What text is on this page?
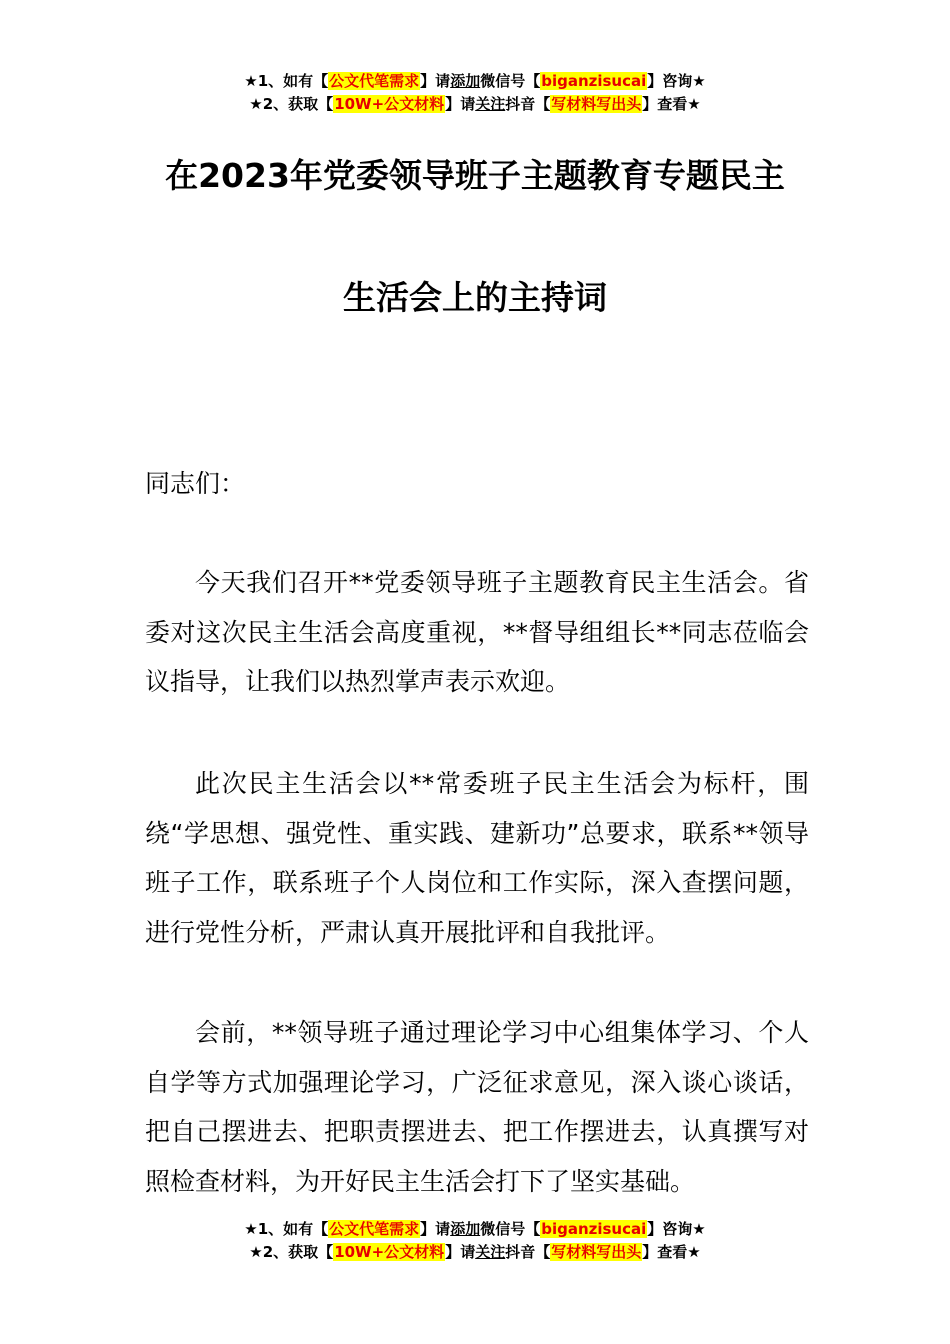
★1、如有【公文代笔需求】请添加微信号【biganzisucai】咨询★
★2、获取【10W+公文材料】请关注抖音【写材料写出头】查看★
在2023年党委领导班子主题教育专题民主
生活会上的主持词

同志们：

今天我们召开**党委领导班子主题教育民主生活会。省委对这次民主生活会高度重视，**督导组组长**同志莅临会议指导，让我们以热烈掌声表示欢迎。

此次民主生活会以**常委班子民主生活会为标杆，围绕“学思想、强党性、重实践、建新功”总要求，联系**领导班子工作，联系班子个人岗位和工作实际，深入查摆问题，进行党性分析，严肃认真开展批评和自我批评。

会前，**领导班子通过理论学习中心组集体学习、个人自学等方式加强理论学习，广泛征求意见，深入谈心谈话，把自己摆进去、把职责摆进去、把工作摆进去，认真撰写对照检查材料，为开好民主生活会打下了坚实基础。

★1、如有【公文代笔需求】请添加微信号【biganzisucai】咨询★
★2、获取【10W+公文材料】请关注抖音【写材料写出头】查看★
